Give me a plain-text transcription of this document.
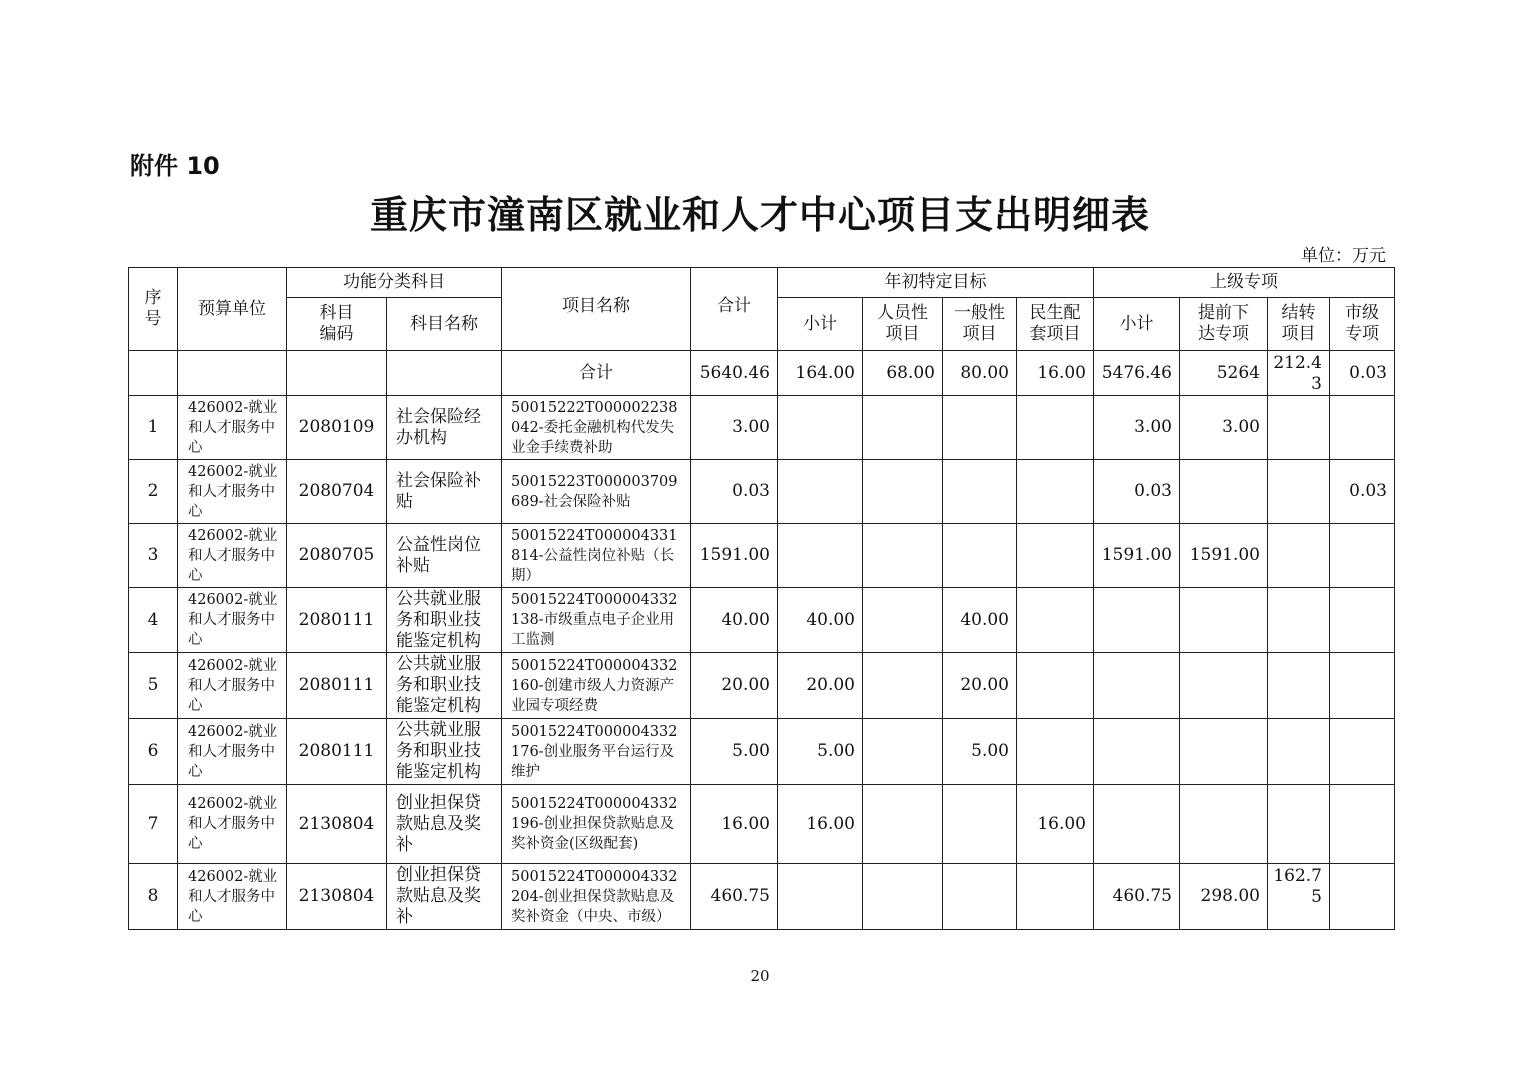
附件 10
重庆市潼南区就业和人才中心项目支出明细表
单位：万元
序号	预算单位	功能分类科目		项目名称	合计	年初特定目标				上级专项			
		科目编码	科目名称			小计	人员性项目	一般性项目	民生配套项目	小计	提前下达专项	结转项目	市级专项
				合计	5640.46	164.00	68.00	80.00	16.00	5476.46	5264	212.43	0.03
1	426002-就业和人才服务中心	2080109	社会保险经办机构	50015222T000002238042-委托金融机构代发失业金手续费补助	3.00					3.00	3.00		
2	426002-就业和人才服务中心	2080704	社会保险补贴	50015223T000003709689-社会保险补贴	0.03					0.03			0.03
3	426002-就业和人才服务中心	2080705	公益性岗位补贴	50015224T000004331814-公益性岗位补贴（长期）	1591.00					1591.00	1591.00		
4	426002-就业和人才服务中心	2080111	公共就业服务和职业技能鉴定机构	50015224T000004332138-市级重点电子企业用工监测	40.00	40.00		40.00					
5	426002-就业和人才服务中心	2080111	公共就业服务和职业技能鉴定机构	50015224T000004332160-创建市级人力资源产业园专项经费	20.00	20.00		20.00					
6	426002-就业和人才服务中心	2080111	公共就业服务和职业技能鉴定机构	50015224T000004332176-创业服务平台运行及维护	5.00	5.00		5.00					
7	426002-就业和人才服务中心	2130804	创业担保贷款贴息及奖补	50015224T000004332196-创业担保贷款贴息及奖补资金(区级配套)	16.00	16.00			16.00				
8	426002-就业和人才服务中心	2130804	创业担保贷款贴息及奖补	50015224T000004332204-创业担保贷款贴息及奖补资金（中央、市级）	460.75					460.75	298.00	162.75	
20
